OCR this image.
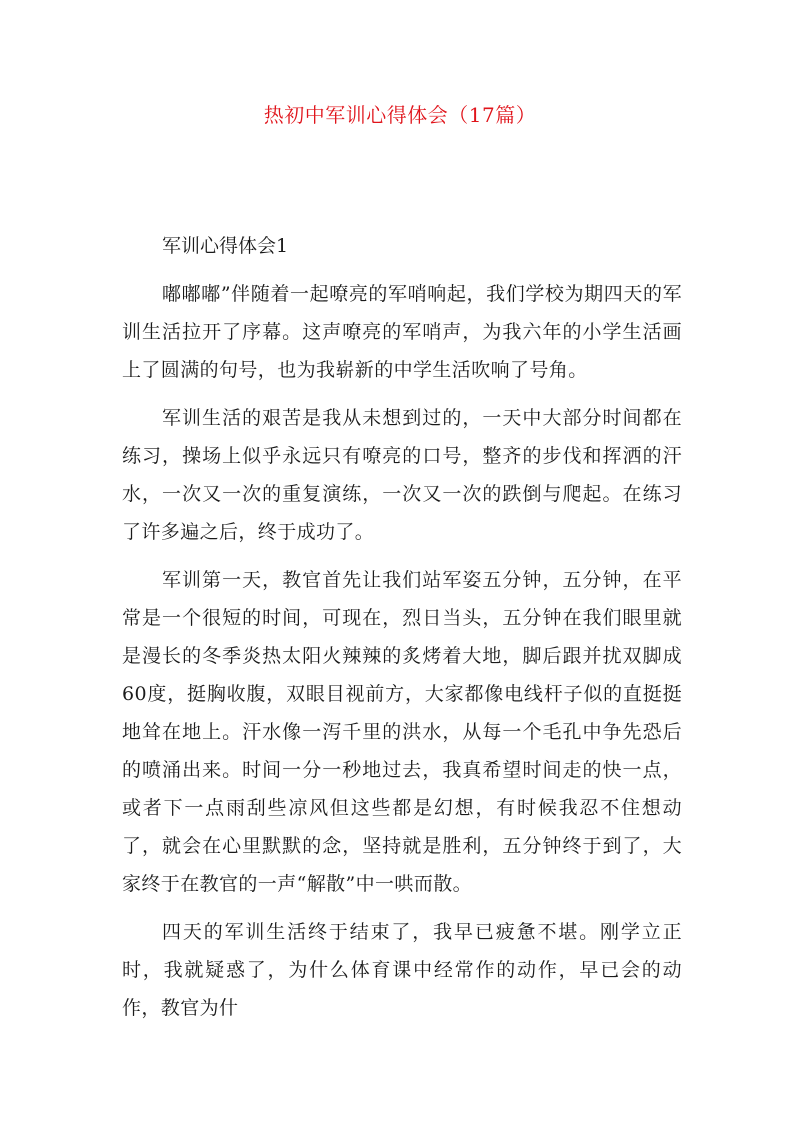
热初中军训心得体会（17篇）
军训心得体会1

嘟嘟嘟”伴随着一起嘹亮的军哨响起，我们学校为期四天的军训生活拉开了序幕。这声嘹亮的军哨声，为我六年的小学生活画上了圆满的句号，也为我崭新的中学生活吹响了号角。

军训生活的艰苦是我从未想到过的，一天中大部分时间都在练习，操场上似乎永远只有嘹亮的口号，整齐的步伐和挥洒的汗水，一次又一次的重复演练，一次又一次的跌倒与爬起。在练习了许多遍之后，终于成功了。

军训第一天，教官首先让我们站军姿五分钟，五分钟，在平常是一个很短的时间，可现在，烈日当头，五分钟在我们眼里就是漫长的冬季炎热太阳火辣辣的炙烤着大地，脚后跟并扰双脚成60度，挺胸收腹，双眼目视前方，大家都像电线杆子似的直挺挺地耸在地上。汗水像一泻千里的洪水，从每一个毛孔中争先恐后的喷涌出来。时间一分一秒地过去，我真希望时间走的快一点，或者下一点雨刮些凉风但这些都是幻想，有时候我忍不住想动了，就会在心里默默的念，坚持就是胜利，五分钟终于到了，大家终于在教官的一声“解散”中一哄而散。

四天的军训生活终于结束了，我早已疲惫不堪。刚学立正时，我就疑惑了，为什么体育课中经常作的动作，早已会的动作，教官为什
